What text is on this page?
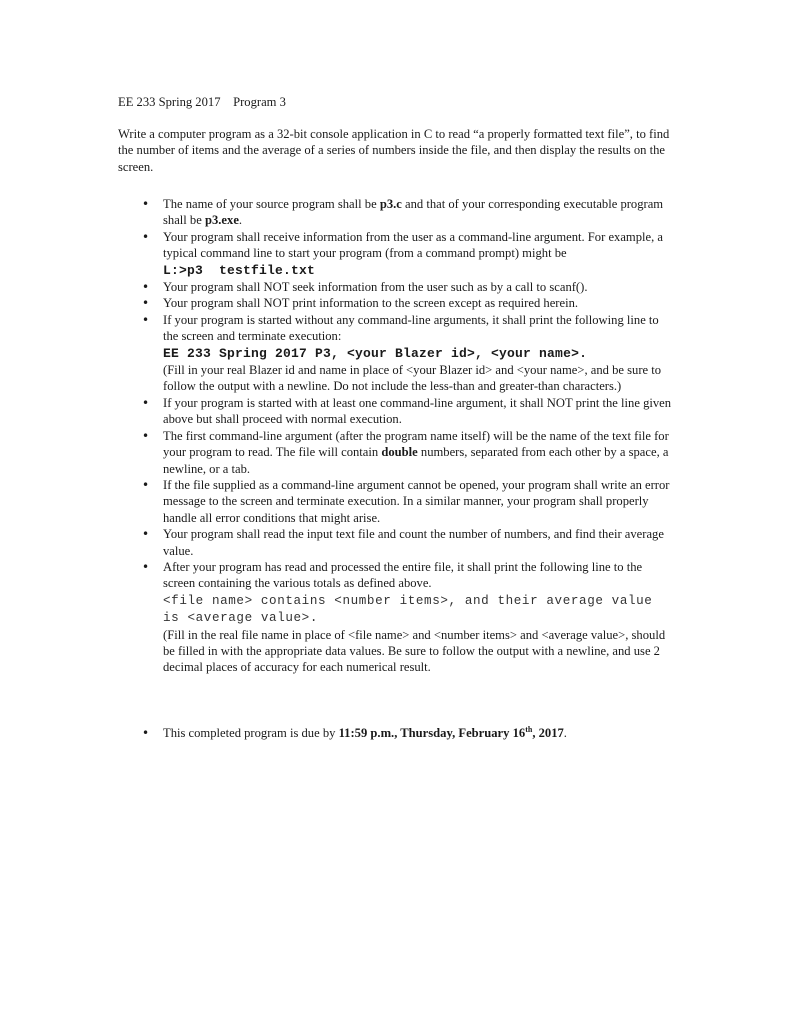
EE 233 Spring 2017    Program 3
Write a computer program as a 32-bit console application in C to read “a properly formatted text file”, to find the number of items and the average of a series of numbers inside the file, and then display the results on the screen.
• The name of your source program shall be p3.c and that of your corresponding executable program shall be p3.exe.
• Your program shall receive information from the user as a command-line argument. For example, a typical command line to start your program (from a command prompt) might be
L:>p3  testfile.txt
• Your program shall NOT seek information from the user such as by a call to scanf().
• Your program shall NOT print information to the screen except as required herein.
• If your program is started without any command-line arguments, it shall print the following line to the screen and terminate execution:
EE 233 Spring 2017 P3, <your Blazer id>, <your name>.
(Fill in your real Blazer id and name in place of <your Blazer id> and <your name>, and be sure to follow the output with a newline. Do not include the less-than and greater-than characters.)
• If your program is started with at least one command-line argument, it shall NOT print the line given above but shall proceed with normal execution.
• The first command-line argument (after the program name itself) will be the name of the text file for your program to read. The file will contain double numbers, separated from each other by a space, a newline, or a tab.
• If the file supplied as a command-line argument cannot be opened, your program shall write an error message to the screen and terminate execution. In a similar manner, your program shall properly handle all error conditions that might arise.
• Your program shall read the input text file and count the number of numbers, and find their average value.
• After your program has read and processed the entire file, it shall print the following line to the screen containing the various totals as defined above.
<file name> contains <number items>, and their average value is <average value>.
(Fill in the real file name in place of <file name> and <number items> and <average value>, should be filled in with the appropriate data values. Be sure to follow the output with a newline, and use 2 decimal places of accuracy for each numerical result.
• This completed program is due by 11:59 p.m., Thursday, February 16th, 2017.
